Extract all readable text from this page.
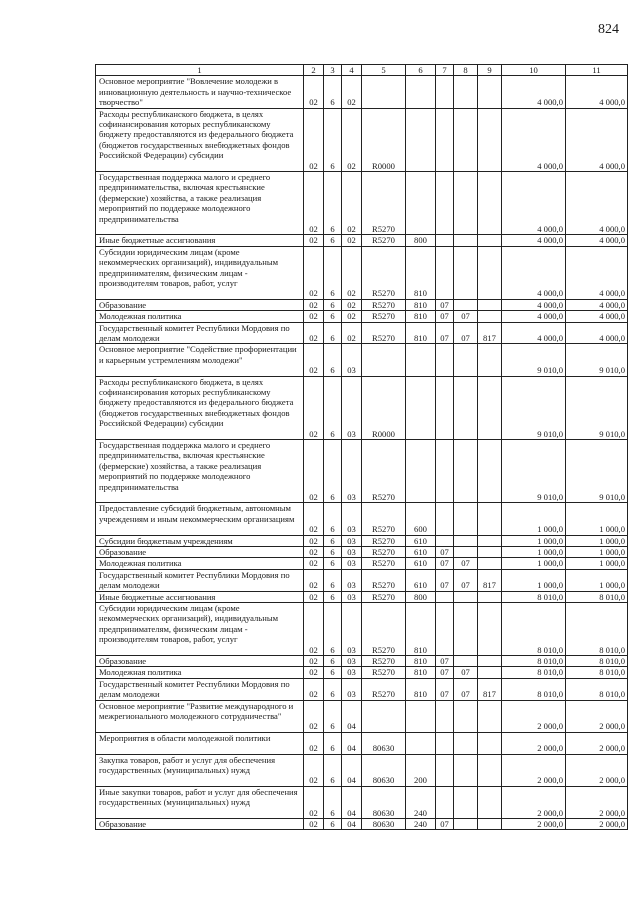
824
1	2	3	4	5	6	7	8	9	10	11
Основное мероприятие "Вовлечение молодежи в инновационную деятельность и научно-техническое творчество"	02	6	02						4 000,0	4 000,0
Расходы республиканского бюджета, в целях софинансирования которых республиканскому бюджету предоставляются из федерального бюджета (бюджетов государственных внебюджетных фондов Российской Федерации) субсидии	02	6	02	R0000					4 000,0	4 000,0
Государственная поддержка малого и среднего предпринимательства, включая крестьянские (фермерские) хозяйства, а также реализация мероприятий по поддержке молодежного предпринимательства	02	6	02	R5270					4 000,0	4 000,0
Иные бюджетные ассигнования	02	6	02	R5270	800				4 000,0	4 000,0
Субсидии юридическим лицам (кроме некоммерческих организаций), индивидуальным предпринимателям, физическим лицам - производителям товаров, работ, услуг	02	6	02	R5270	810				4 000,0	4 000,0
Образование	02	6	02	R5270	810	07			4 000,0	4 000,0
Молодежная политика	02	6	02	R5270	810	07	07		4 000,0	4 000,0
Государственный комитет Республики Мордовия по делам молодежи	02	6	02	R5270	810	07	07	817	4 000,0	4 000,0
Основное мероприятие "Содействие профориентации и карьерным устремлениям молодежи"	02	6	03						9 010,0	9 010,0
Расходы республиканского бюджета, в целях софинансирования которых республиканскому бюджету предоставляются из федерального бюджета (бюджетов государственных внебюджетных фондов Российской Федерации) субсидии	02	6	03	R0000					9 010,0	9 010,0
Государственная поддержка малого и среднего предпринимательства, включая крестьянские (фермерские) хозяйства, а также реализация мероприятий по поддержке молодежного предпринимательства	02	6	03	R5270					9 010,0	9 010,0
Предоставление субсидий бюджетным, автономным учреждениям и иным некоммерческим организациям	02	6	03	R5270	600				1 000,0	1 000,0
Субсидии бюджетным учреждениям	02	6	03	R5270	610				1 000,0	1 000,0
Образование	02	6	03	R5270	610	07			1 000,0	1 000,0
Молодежная политика	02	6	03	R5270	610	07	07		1 000,0	1 000,0
Государственный комитет Республики Мордовия по делам молодежи	02	6	03	R5270	610	07	07	817	1 000,0	1 000,0
Иные бюджетные ассигнования	02	6	03	R5270	800				8 010,0	8 010,0
Субсидии юридическим лицам (кроме некоммерческих организаций), индивидуальным предпринимателям, физическим лицам - производителям товаров, работ, услуг	02	6	03	R5270	810				8 010,0	8 010,0
Образование	02	6	03	R5270	810	07			8 010,0	8 010,0
Молодежная политика	02	6	03	R5270	810	07	07		8 010,0	8 010,0
Государственный комитет Республики Мордовия по делам молодежи	02	6	03	R5270	810	07	07	817	8 010,0	8 010,0
Основное мероприятие "Развитие международного и межрегионального молодежного сотрудничества"	02	6	04						2 000,0	2 000,0
Мероприятия в области молодежной политики	02	6	04	80630					2 000,0	2 000,0
Закупка товаров, работ и услуг для обеспечения государственных (муниципальных) нужд	02	6	04	80630	200				2 000,0	2 000,0
Иные закупки товаров, работ и услуг для обеспечения государственных (муниципальных) нужд	02	6	04	80630	240				2 000,0	2 000,0
Образование	02	6	04	80630	240	07			2 000,0	2 000,0
